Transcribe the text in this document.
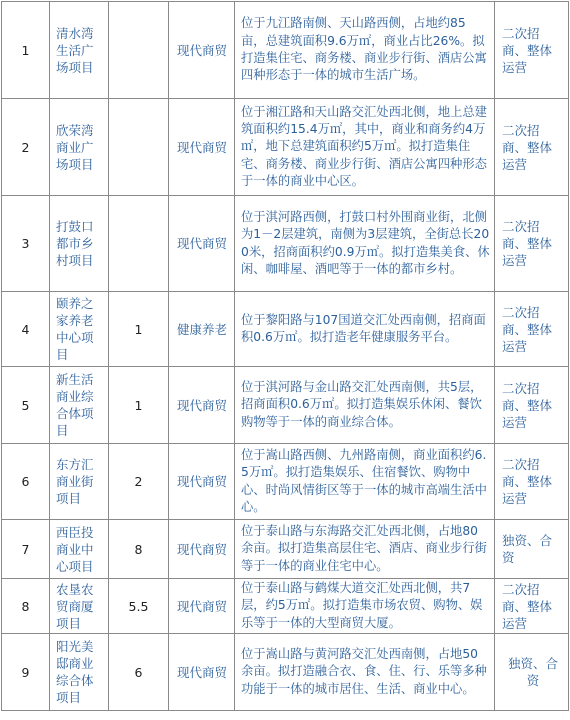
1	清水湾生活广场项目		现代商贸	位于九江路南侧、天山路西侧，占地约85亩，总建筑面积9.6万㎡，商业占比26%。拟打造集住宅、商务楼、商业步行街、酒店公寓四种形态于一体的城市生活广场。	二次招商、整体运营
2	欣荣湾商业广场项目		现代商贸	位于湘江路和天山路交汇处西北侧，地上总建筑面积约15.4万㎡，其中，商业和商务约4万㎡，地下总建筑面积约5万㎡。拟打造集住宅、商务楼、商业步行街、酒店公寓四种形态于一体的商业中心区。	二次招商、整体运营
3	打鼓口都市乡村项目		现代商贸	位于淇河路西侧，打鼓口村外围商业街，北侧为1－2层建筑，南侧为3层建筑，全街总长200米，招商面积约0.9万㎡。拟打造集美食、休闲、咖啡屋、酒吧等于一体的都市乡村。	二次招商、整体运营
4	颐养之家养老中心项目	1	健康养老	位于黎阳路与107国道交汇处西南侧，招商面积0.6万㎡。拟打造老年健康服务平台。	二次招商、整体运营
5	新生活商业综合体项目	1	现代商贸	位于淇河路与金山路交汇处西南侧，共5层，招商面积0.6万㎡。拟打造集娱乐休闲、餐饮购物等于一体的商业综合体。	二次招商、整体运营
6	东方汇商业街项目	2	现代商贸	位于嵩山路西侧、九州路南侧，商业面积约6.5万㎡。拟打造集娱乐、住宿餐饮、购物中心、时尚风情街区等于一体的城市高端生活中心。	二次招商、整体运营
7	西臣投商业中心项目	8	现代商贸	位于泰山路与东海路交汇处西北侧，占地80余亩。拟打造集高层住宅、酒店、商业步行街等于一体的商业住宅中心。	独资、合资
8	农垦农贸商厦项目	5.5	现代商贸	位于泰山路与鹤煤大道交汇处西北侧，共7层，约5万㎡。拟打造集市场农贸、购物、娱乐等于一体的大型商贸大厦。	二次招商、整体运营
9	阳光美邸商业综合体项目	6	现代商贸	位于嵩山路与黄河路交汇处西南侧，占地50余亩。拟打造融合衣、食、住、行、乐等多种功能于一体的城市居住、生活、商业中心。	独资、合资
